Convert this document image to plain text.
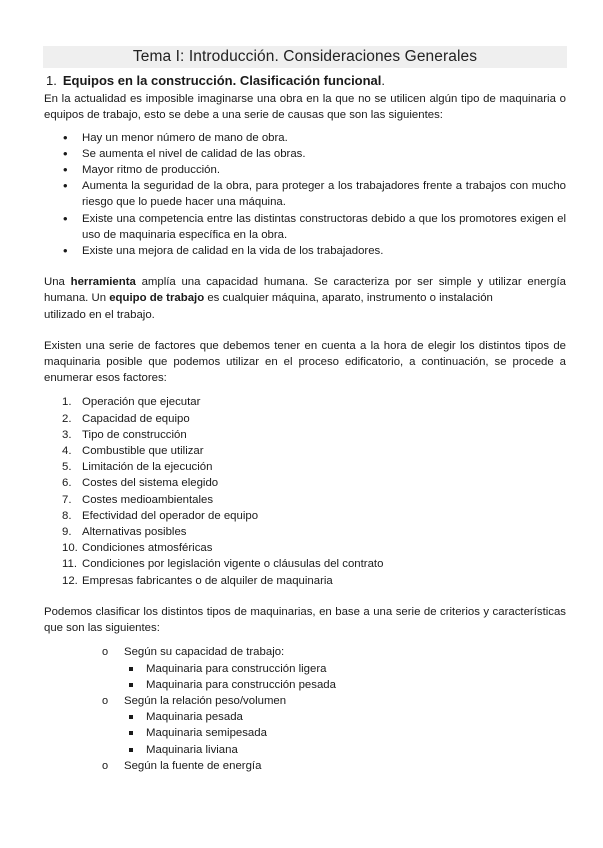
Tema I: Introducción. Consideraciones Generales
1. Equipos en la construcción. Clasificación funcional.

En la actualidad es imposible imaginarse una obra en la que no se utilicen algún tipo de maquinaria o equipos de trabajo, esto se debe a una serie de causas que son las siguientes:

• Hay un menor número de mano de obra.
• Se aumenta el nivel de calidad de las obras.
• Mayor ritmo de producción.
• Aumenta la seguridad de la obra, para proteger a los trabajadores frente a trabajos con mucho riesgo que lo puede hacer una máquina.
• Existe una competencia entre las distintas constructoras debido a que los promotores exigen el uso de maquinaria específica en la obra.
• Existe una mejora de calidad en la vida de los trabajadores.

Una herramienta amplía una capacidad humana. Se caracteriza por ser simple y utilizar energía humana. Un equipo de trabajo es cualquier máquina, aparato, instrumento o instalación
utilizado en el trabajo.

Existen una serie de factores que debemos tener en cuenta a la hora de elegir los distintos tipos de maquinaria posible que podemos utilizar en el proceso edificatorio, a continuación, se procede a enumerar esos factores:

1. Operación que ejecutar
2. Capacidad de equipo
3. Tipo de construcción
4. Combustible que utilizar
5. Limitación de la ejecución
6. Costes del sistema elegido
7. Costes medioambientales
8. Efectividad del operador de equipo
9. Alternativas posibles
10. Condiciones atmosféricas
11. Condiciones por legislación vigente o cláusulas del contrato
12. Empresas fabricantes o de alquiler de maquinaria

Podemos clasificar los distintos tipos de maquinarias, en base a una serie de criterios y características que son las siguientes:

o Según su capacidad de trabajo:
Maquinaria para construcción ligera
Maquinaria para construcción pesada
o Según la relación peso/volumen
Maquinaria pesada
Maquinaria semipesada
Maquinaria liviana
o Según la fuente de energía
